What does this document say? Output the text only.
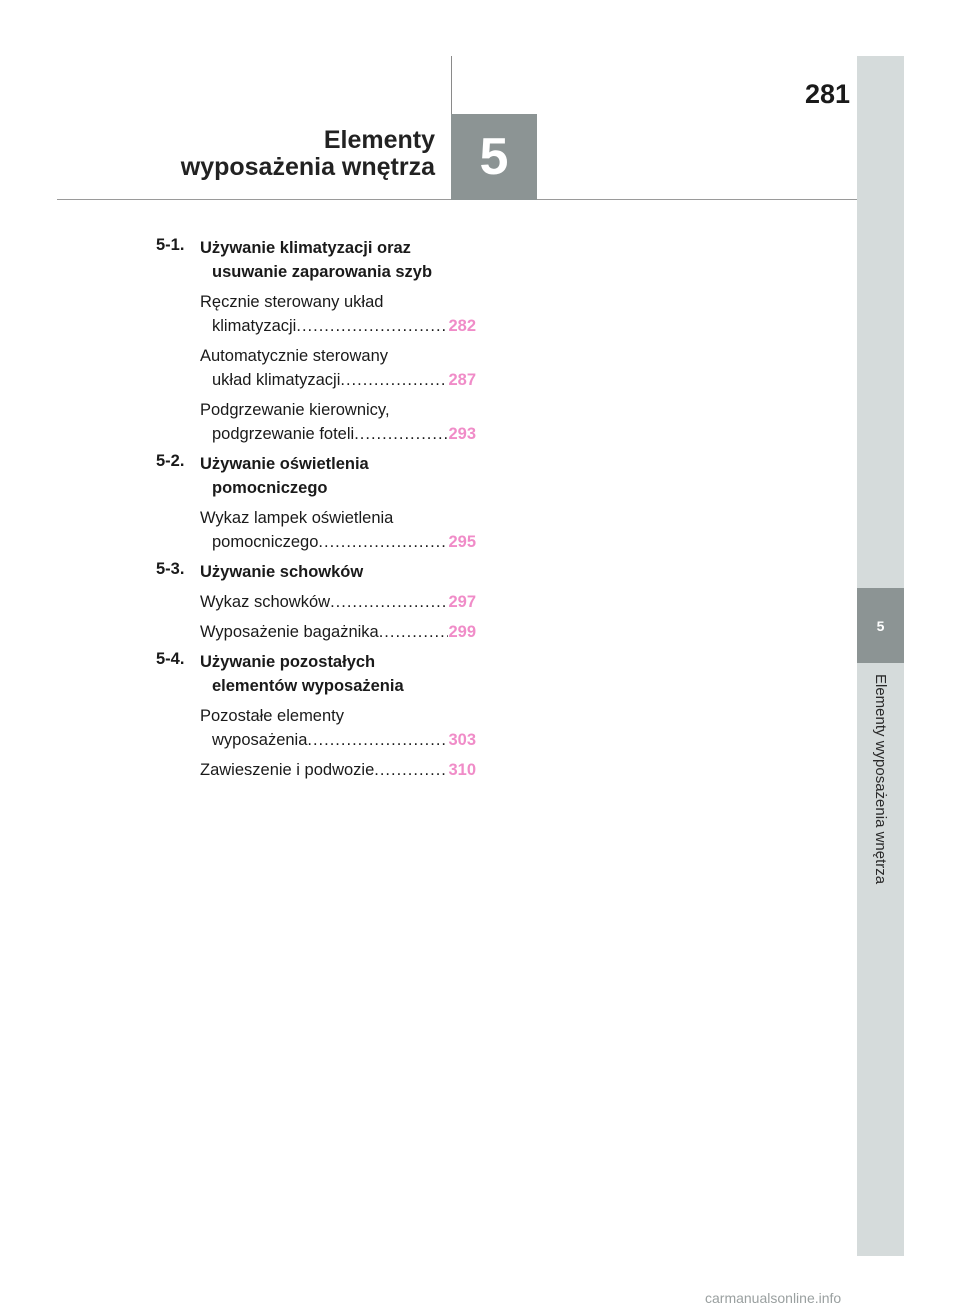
5
Elementy
wyposażenia wnętrza
281
5
Elementy wyposażenia wnętrza
5-1. Używanie klimatyzacji oraz
usuwanie zaparowania szyb
Ręcznie sterowany układ
klimatyzacji .....	282
Automatycznie sterowany
układ klimatyzacji .....	287
Podgrzewanie kierownicy,
podgrzewanie foteli .....	293
5-2. Używanie oświetlenia
pomocniczego
Wykaz lampek oświetlenia
pomocniczego .....	295
5-3. Używanie schowków
Wykaz schowków .....	297
Wyposażenie bagażnika .....	299
5-4. Używanie pozostałych
elementów wyposażenia
Pozostałe elementy
wyposażenia .....	303
Zawieszenie i podwozie .....	310
carmanualsonline.info
